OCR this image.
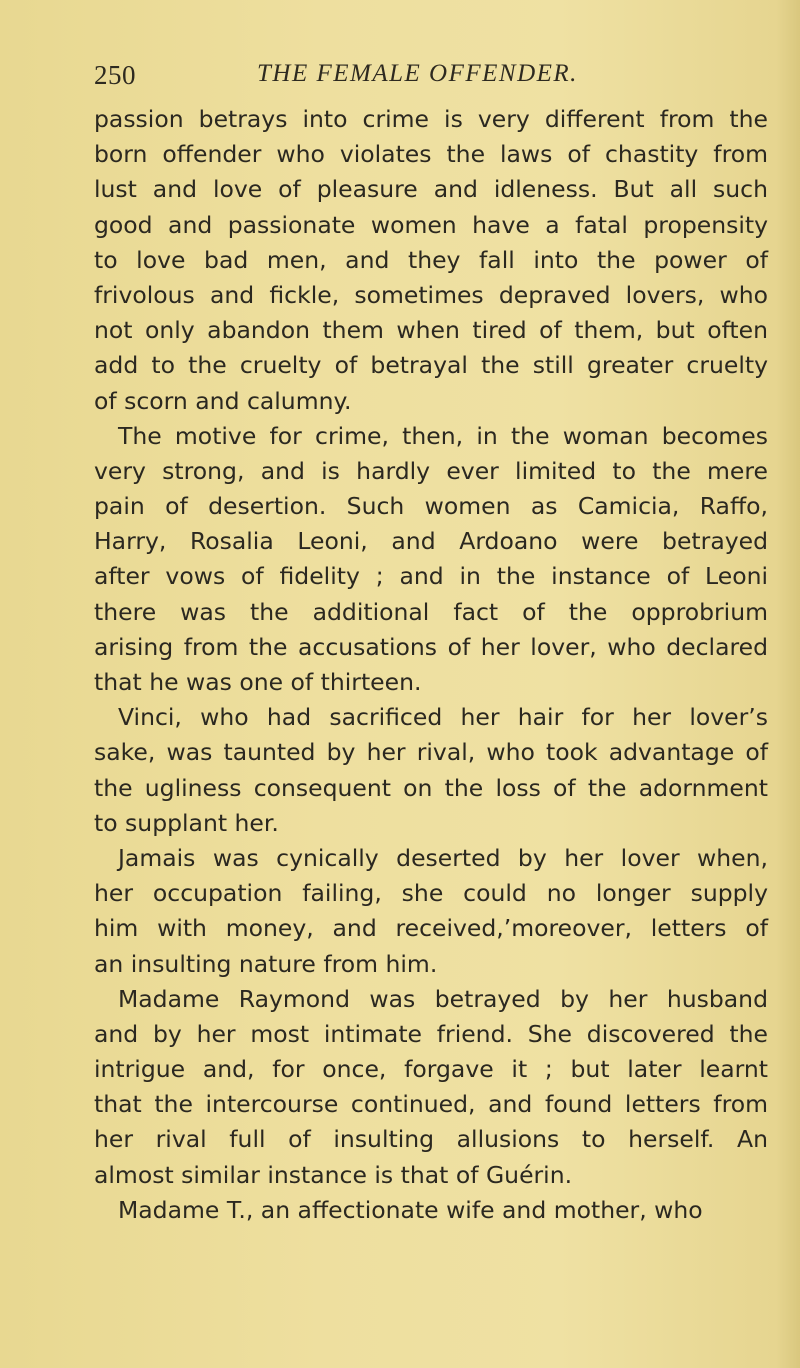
250	THE FEMALE OFFENDER.
passion betrays into crime is very different from the
born offender who violates the laws of chastity from
lust and love of pleasure and idleness. But all such
good and passionate women have a fatal propensity
to love bad men, and they fall into the power of
frivolous and fickle, sometimes depraved lovers, who
not only abandon them when tired of them, but often
add to the cruelty of betrayal the still greater cruelty
of scorn and calumny.
The motive for crime, then, in the woman becomes
very strong, and is hardly ever limited to the mere
pain of desertion. Such women as Camicia, Raffo,
Harry, Rosalia Leoni, and Ardoano were betrayed
after vows of fidelity ; and in the instance of Leoni
there was the additional fact of the opprobrium
arising from the accusations of her lover, who declared
that he was one of thirteen.
Vinci, who had sacrificed her hair for her lover’s
sake, was taunted by her rival, who took advantage of
the ugliness consequent on the loss of the adornment
to supplant her.
Jamais was cynically deserted by her lover when,
her occupation failing, she could no longer supply
him with money, and received,’moreover, letters of
an insulting nature from him.
Madame Raymond was betrayed by her husband
and by her most intimate friend. She discovered the
intrigue and, for once, forgave it ; but later learnt
that the intercourse continued, and found letters from
her rival full of insulting allusions to herself. An
almost similar instance is that of Guérin.
Madame T., an affectionate wife and mother, who
